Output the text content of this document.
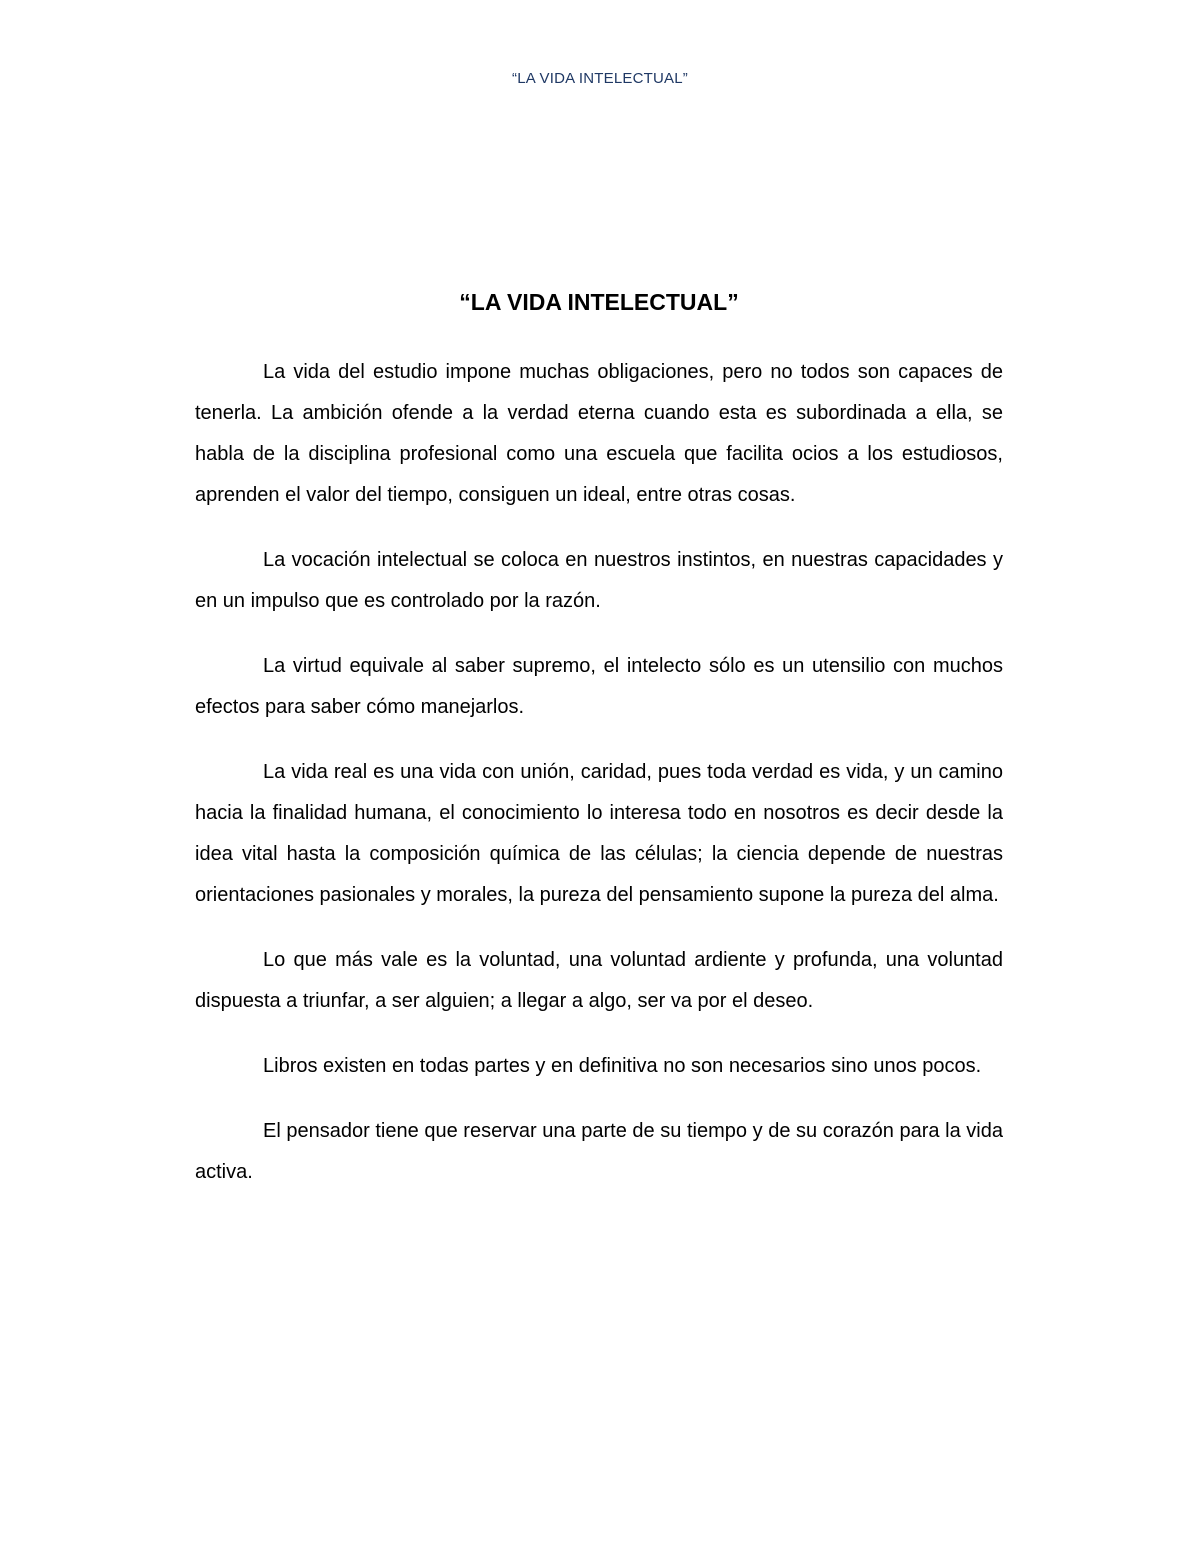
“LA VIDA INTELECTUAL”
“LA VIDA INTELECTUAL”

La vida del estudio impone muchas obligaciones, pero no todos son capaces de tenerla. La ambición ofende a la verdad eterna cuando esta es subordinada a ella, se habla de la disciplina profesional como una escuela que facilita ocios a los estudiosos, aprenden el valor del tiempo, consiguen un ideal, entre otras cosas.

La vocación intelectual se coloca en nuestros instintos, en nuestras capacidades y en un impulso que es controlado por la razón.

La virtud equivale al saber supremo, el intelecto sólo es un utensilio con muchos efectos para saber cómo manejarlos.

La vida real es una vida con unión, caridad, pues toda verdad es vida, y un camino hacia la finalidad humana, el conocimiento lo interesa todo en nosotros es decir desde la idea vital hasta la composición química de las células; la ciencia depende de nuestras orientaciones pasionales y morales, la pureza del pensamiento supone la pureza del alma.

Lo que más vale es la voluntad, una voluntad ardiente y profunda, una voluntad dispuesta a triunfar, a ser alguien; a llegar a algo, ser va por el deseo.

Libros existen en todas partes y en definitiva no son necesarios sino unos pocos.

El pensador tiene que reservar una parte de su tiempo y de su corazón para la vida activa.
